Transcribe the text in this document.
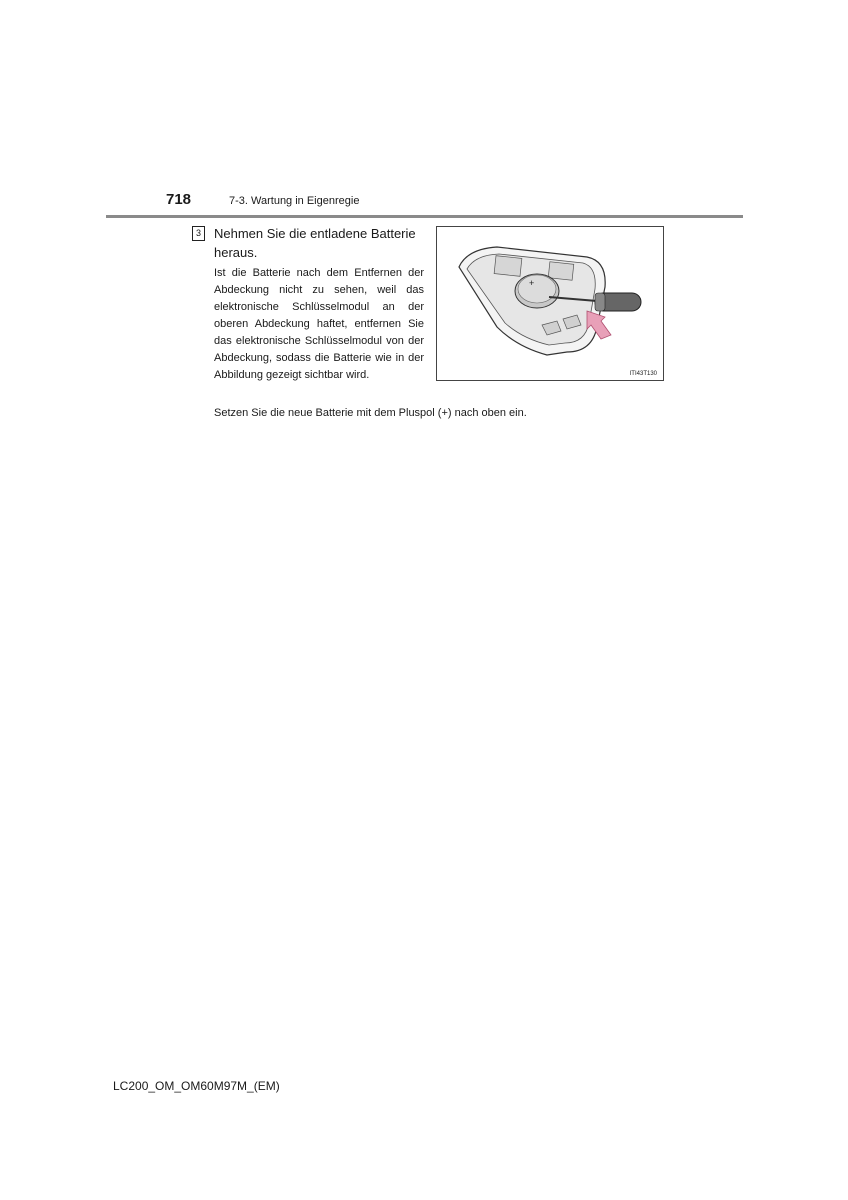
718	7-3. Wartung in Eigenregie
3	Nehmen Sie die entladene Batterie heraus.
Ist die Batterie nach dem Entfernen der Abdeckung nicht zu sehen, weil das elektronische Schlüsselmodul an der oberen Abdeckung haftet, entfernen Sie das elektronische Schlüsselmodul von der Abdeckung, sodass die Batterie wie in der Abbildung gezeigt sichtbar wird.
+
ITI43T130
Setzen Sie die neue Batterie mit dem Pluspol (+) nach oben ein.
LC200_OM_OM60M97M_(EM)
